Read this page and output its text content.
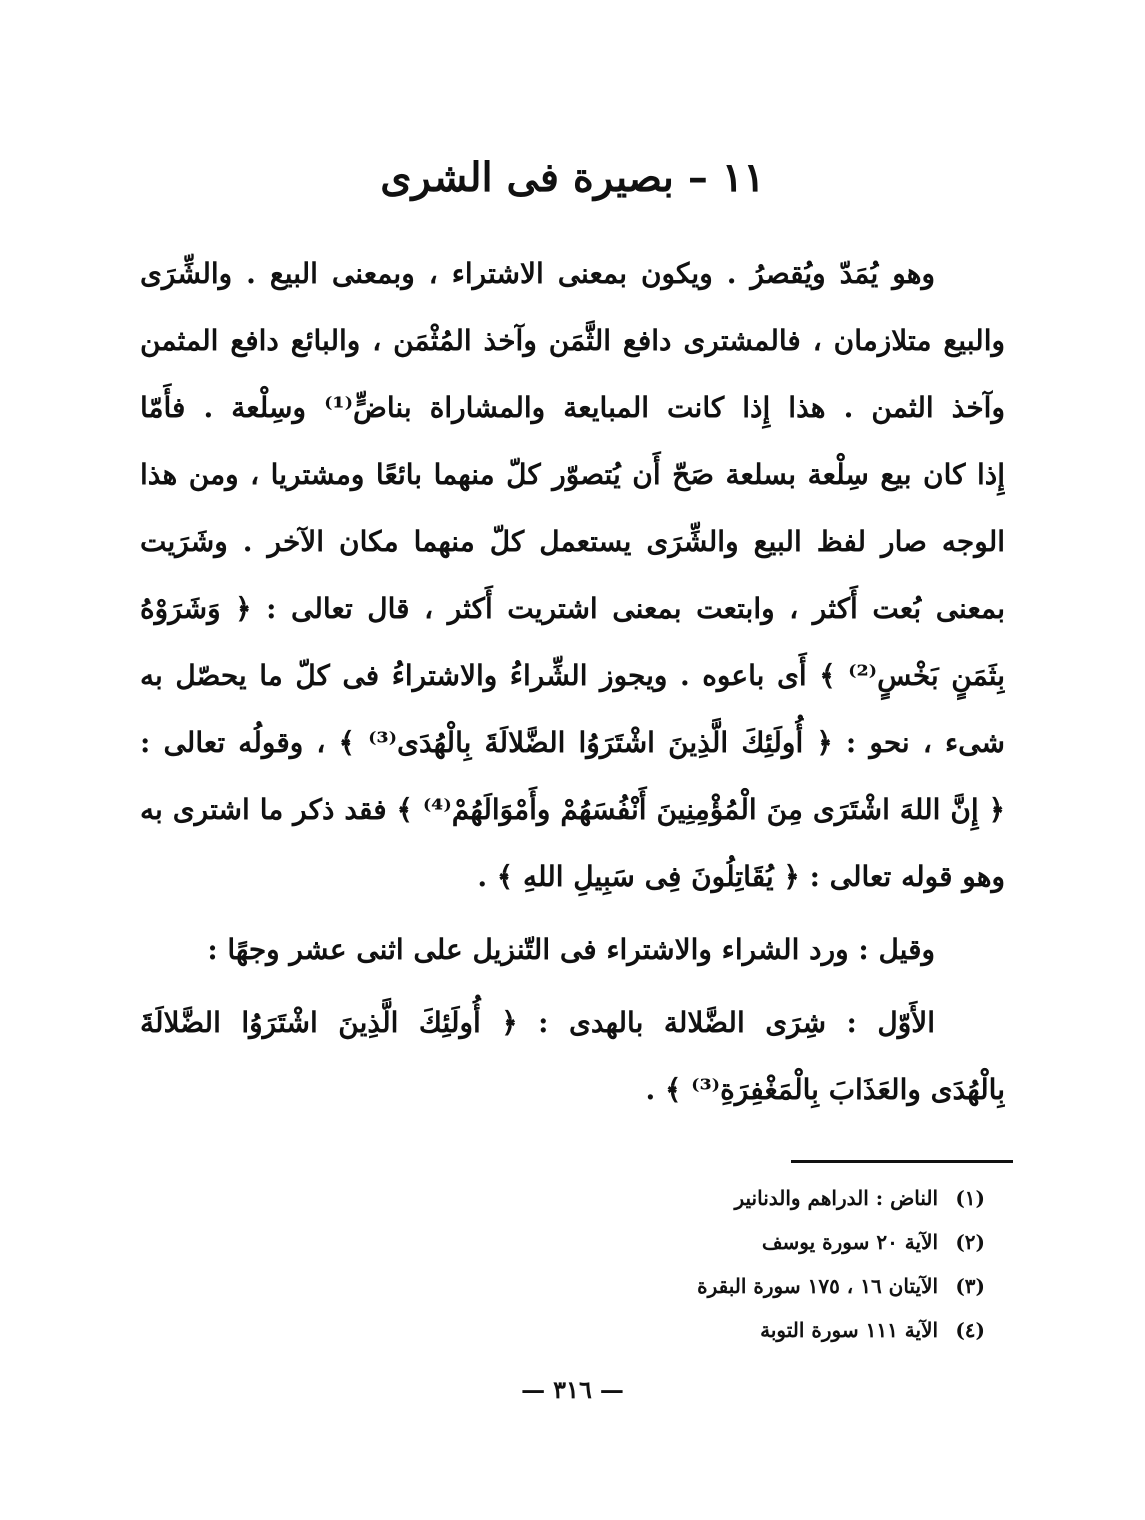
١١ –بصيرة فى الشرى
وهو يُمَدّ ويُقصرُ . ويكون بمعنى الاشتراء ، وبمعنى البيع . والشِّرَى
والبيع متلازمان ، فالمشترى دافع الثَّمَن وآخذ المُثْمَن ، والبائع دافع المثمن
وآخذ الثمن . هذا إِذا كانت المبايعة والمشاراة بناضٍّ⁽¹⁾ وسِلْعة . فأَمّا
إِذا كان بيع سِلْعة بسلعة صَحّ أَن يُتصوّر كلّ منهما بائعًا ومشتريا ، ومن هذا
الوجه صار لفظ البيع والشِّرَى يستعمل كلّ منهما مكان الآخر . وشَرَيت
بمعنى بُعت أَكثر ، وابتعت بمعنى اشتريت أَكثر ، قال تعالى : ﴿ وَشَرَوْهُ
بِثَمَنٍ بَخْسٍ⁽²⁾ ﴾ أَى باعوه . ويجوز الشِّراءُ والاشتراءُ فى كلّ ما يحصّل به
شىء ، نحو : ﴿ أُولَئِكَ الَّذِينَ اشْتَرَوُا الضَّلالَةَ بِالْهُدَى⁽³⁾ ﴾ ، وقولُه تعالى :
﴿ إِنَّ اللهَ اشْتَرَى مِنَ الْمُؤْمِنِينَ أَنْفُسَهُمْ وأَمْوَالَهُمْ⁽⁴⁾ ﴾ فقد ذكر ما اشترى به
وهو قوله تعالى : ﴿ يُقَاتِلُونَ فِى سَبِيلِ اللهِ ﴾ .
وقيل : ورد الشراء والاشتراء فى التّنزيل على اثنى عشر وجهًا :
الأَوّل : شِرَى الضَّلالة بالهدى : ﴿ أُولَئِكَ الَّذِينَ اشْتَرَوُا الضَّلالَةَ
بِالْهُدَى والعَذَابَ بِالْمَغْفِرَةِ⁽³⁾ ﴾ .
(١) الناض : الدراهم والدنانير
(٢) الآية ٢٠ سورة يوسف
(٣) الآيتان ١٦ ، ١٧٥ سورة البقرة
(٤) الآية ١١١ سورة التوبة
—٣١٦—
